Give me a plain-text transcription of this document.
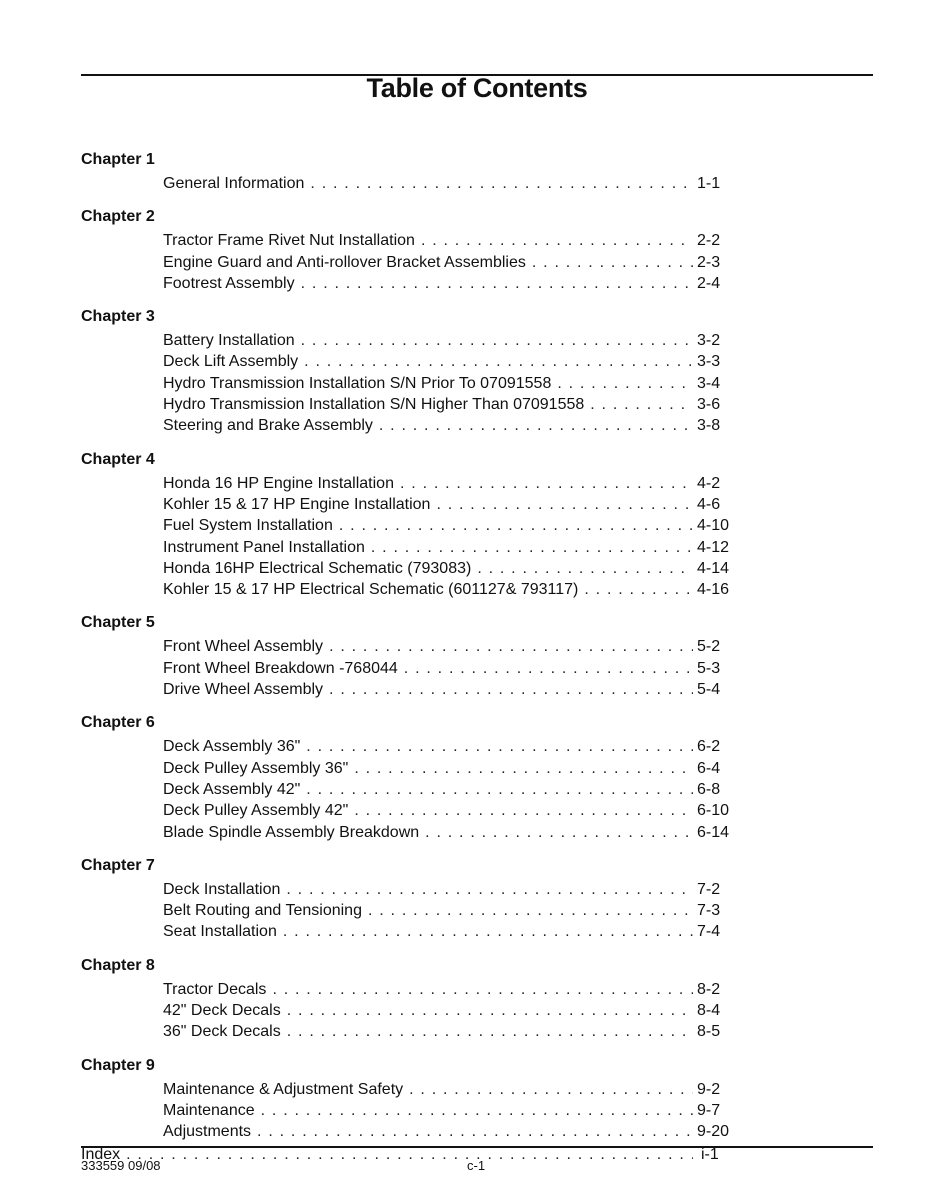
Table of Contents
Chapter 1
General Information . . .	1-1
Chapter 2
Tractor Frame Rivet Nut Installation . . .	2-2
Engine Guard and Anti-rollover Bracket Assemblies . . .	2-3
Footrest Assembly . . .	2-4
Chapter 3
Battery Installation . . .	3-2
Deck Lift Assembly . . .	3-3
Hydro Transmission Installation S/N Prior To 07091558 . . .	3-4
Hydro Transmission Installation S/N Higher Than 07091558 . . .	3-6
Steering and Brake Assembly . . .	3-8
Chapter 4
Honda 16 HP Engine Installation . . .	4-2
Kohler 15 & 17 HP Engine Installation . . .	4-6
Fuel System Installation . . .	4-10
Instrument Panel Installation . . .	4-12
Honda 16HP Electrical Schematic (793083) . . .	4-14
Kohler 15 & 17 HP Electrical Schematic (601127& 793117) . . .	4-16
Chapter 5
Front Wheel Assembly . . .	5-2
Front Wheel Breakdown -768044 . . .	5-3
Drive Wheel Assembly . . .	5-4
Chapter 6
Deck Assembly 36" . . .	6-2
Deck Pulley Assembly 36" . . .	6-4
Deck Assembly 42" . . .	6-8
Deck Pulley Assembly 42" . . .	6-10
Blade Spindle Assembly Breakdown . . .	6-14
Chapter 7
Deck Installation . . .	7-2
Belt Routing and Tensioning . . .	7-3
Seat Installation . . .	7-4
Chapter 8
Tractor Decals . . .	8-2
42" Deck Decals . . .	8-4
36" Deck Decals . . .	8-5
Chapter 9
Maintenance & Adjustment Safety . . .	9-2
Maintenance . . .	9-7
Adjustments . . .	9-20
Index . . .	i-1
333559 09/08	c-1
